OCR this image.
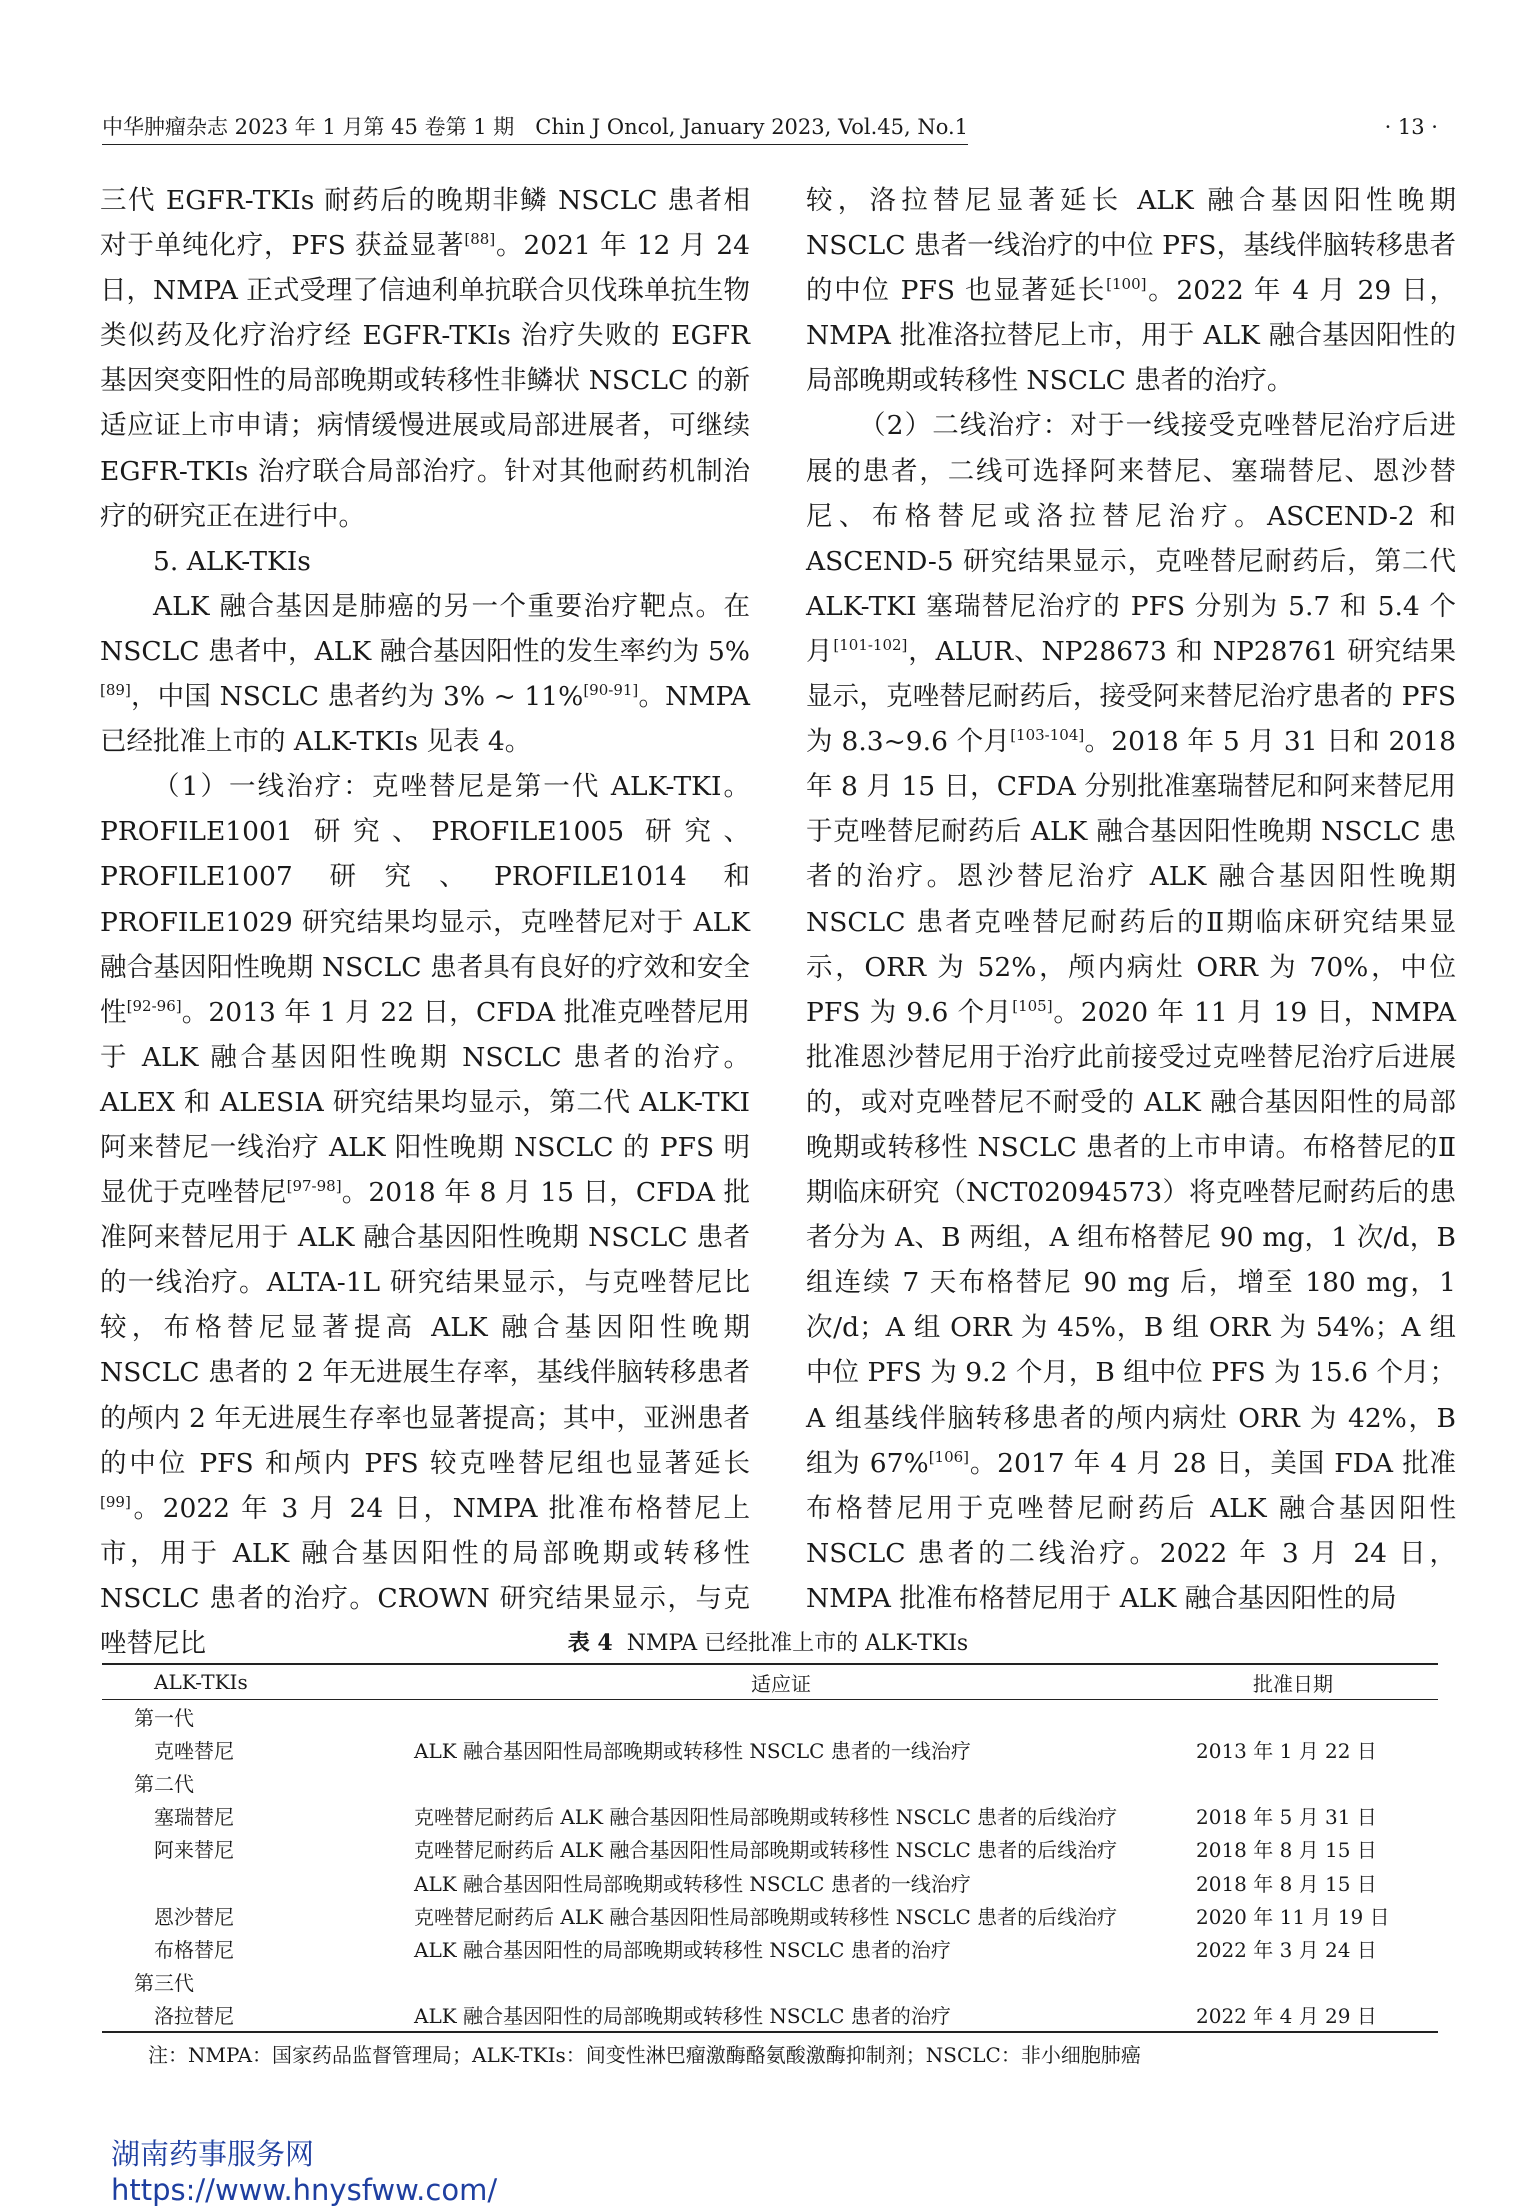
中华肿瘤杂志 2023 年 1 月第 45 卷第 1 期　Chin J Oncol, January 2023, Vol.45, No.1	· 13 ·

三代 EGFR-TKIs 耐药后的晚期非鳞 NSCLC 患者相对于单纯化疗，PFS 获益显著[88]。2021 年 12 月 24 日，NMPA 正式受理了信迪利单抗联合贝伐珠单抗生物类似药及化疗治疗经 EGFR-TKIs 治疗失败的 EGFR 基因突变阳性的局部晚期或转移性非鳞状 NSCLC 的新适应证上市申请；病情缓慢进展或局部进展者，可继续 EGFR-TKIs 治疗联合局部治疗。针对其他耐药机制治疗的研究正在进行中。

5. ALK-TKIs

ALK 融合基因是肺癌的另一个重要治疗靶点。在 NSCLC 患者中，ALK 融合基因阳性的发生率约为 5%[89]，中国 NSCLC 患者约为 3% ~ 11%[90-91]。NMPA 已经批准上市的 ALK-TKIs 见表 4。

（1）一线治疗：克唑替尼是第一代 ALK-TKI。PROFILE1001 研究、PROFILE1005 研究、PROFILE1007 研究、PROFILE1014 和 PROFILE1029 研究结果均显示，克唑替尼对于 ALK 融合基因阳性晚期 NSCLC 患者具有良好的疗效和安全性[92-96]。2013 年 1 月 22 日，CFDA 批准克唑替尼用于 ALK 融合基因阳性晚期 NSCLC 患者的治疗。ALEX 和 ALESIA 研究结果均显示，第二代 ALK-TKI 阿来替尼一线治疗 ALK 阳性晚期 NSCLC 的 PFS 明显优于克唑替尼[97-98]。2018 年 8 月 15 日，CFDA 批准阿来替尼用于 ALK 融合基因阳性晚期 NSCLC 患者的一线治疗。ALTA-1L 研究结果显示，与克唑替尼比较，布格替尼显著提高 ALK 融合基因阳性晚期 NSCLC 患者的 2 年无进展生存率，基线伴脑转移患者的颅内 2 年无进展生存率也显著提高；其中，亚洲患者的中位 PFS 和颅内 PFS 较克唑替尼组也显著延长[99]。2022 年 3 月 24 日，NMPA 批准布格替尼上市，用于 ALK 融合基因阳性的局部晚期或转移性 NSCLC 患者的治疗。CROWN 研究结果显示，与克唑替尼比

较，洛拉替尼显著延长 ALK 融合基因阳性晚期 NSCLC 患者一线治疗的中位 PFS，基线伴脑转移患者的中位 PFS 也显著延长[100]。2022 年 4 月 29 日，NMPA 批准洛拉替尼上市，用于 ALK 融合基因阳性的局部晚期或转移性 NSCLC 患者的治疗。

（2）二线治疗：对于一线接受克唑替尼治疗后进展的患者，二线可选择阿来替尼、塞瑞替尼、恩沙替尼、布格替尼或洛拉替尼治疗。ASCEND-2 和 ASCEND-5 研究结果显示，克唑替尼耐药后，第二代 ALK-TKI 塞瑞替尼治疗的 PFS 分别为 5.7 和 5.4 个月[101-102]，ALUR、NP28673 和 NP28761 研究结果显示，克唑替尼耐药后，接受阿来替尼治疗患者的 PFS 为 8.3~9.6 个月[103-104]。2018 年 5 月 31 日和 2018 年 8 月 15 日，CFDA 分别批准塞瑞替尼和阿来替尼用于克唑替尼耐药后 ALK 融合基因阳性晚期 NSCLC 患者的治疗。恩沙替尼治疗 ALK 融合基因阳性晚期 NSCLC 患者克唑替尼耐药后的Ⅱ期临床研究结果显示，ORR 为 52%，颅内病灶 ORR 为 70%，中位 PFS 为 9.6 个月[105]。2020 年 11 月 19 日，NMPA 批准恩沙替尼用于治疗此前接受过克唑替尼治疗后进展的，或对克唑替尼不耐受的 ALK 融合基因阳性的局部晚期或转移性 NSCLC 患者的上市申请。布格替尼的Ⅱ期临床研究（NCT02094573）将克唑替尼耐药后的患者分为 A、B 两组，A 组布格替尼 90 mg，1 次/d，B 组连续 7 天布格替尼 90 mg 后，增至 180 mg，1 次/d；A 组 ORR 为 45%，B 组 ORR 为 54%；A 组中位 PFS 为 9.2 个月，B 组中位 PFS 为 15.6 个月；A 组基线伴脑转移患者的颅内病灶 ORR 为 42%，B 组为 67%[106]。2017 年 4 月 28 日，美国 FDA 批准布格替尼用于克唑替尼耐药后 ALK 融合基因阳性 NSCLC 患者的二线治疗。2022 年 3 月 24 日，NMPA 批准布格替尼用于 ALK 融合基因阳性的局

表 4 NMPA 已经批准上市的 ALK-TKIs
ALK-TKIs	适应证	批准日期
第一代		
克唑替尼	ALK 融合基因阳性局部晚期或转移性 NSCLC 患者的一线治疗	2013 年 1 月 22 日
第二代		
塞瑞替尼	克唑替尼耐药后 ALK 融合基因阳性局部晚期或转移性 NSCLC 患者的后线治疗	2018 年 5 月 31 日
阿来替尼	克唑替尼耐药后 ALK 融合基因阳性局部晚期或转移性 NSCLC 患者的后线治疗	2018 年 8 月 15 日
	ALK 融合基因阳性局部晚期或转移性 NSCLC 患者的一线治疗	2018 年 8 月 15 日
恩沙替尼	克唑替尼耐药后 ALK 融合基因阳性局部晚期或转移性 NSCLC 患者的后线治疗	2020 年 11 月 19 日
布格替尼	ALK 融合基因阳性的局部晚期或转移性 NSCLC 患者的治疗	2022 年 3 月 24 日
第三代		
洛拉替尼	ALK 融合基因阳性的局部晚期或转移性 NSCLC 患者的治疗	2022 年 4 月 29 日
注：NMPA：国家药品监督管理局；ALK-TKIs：间变性淋巴瘤激酶酪氨酸激酶抑制剂；NSCLC：非小细胞肺癌
湖南药事服务网
https://www.hnysfww.com/
